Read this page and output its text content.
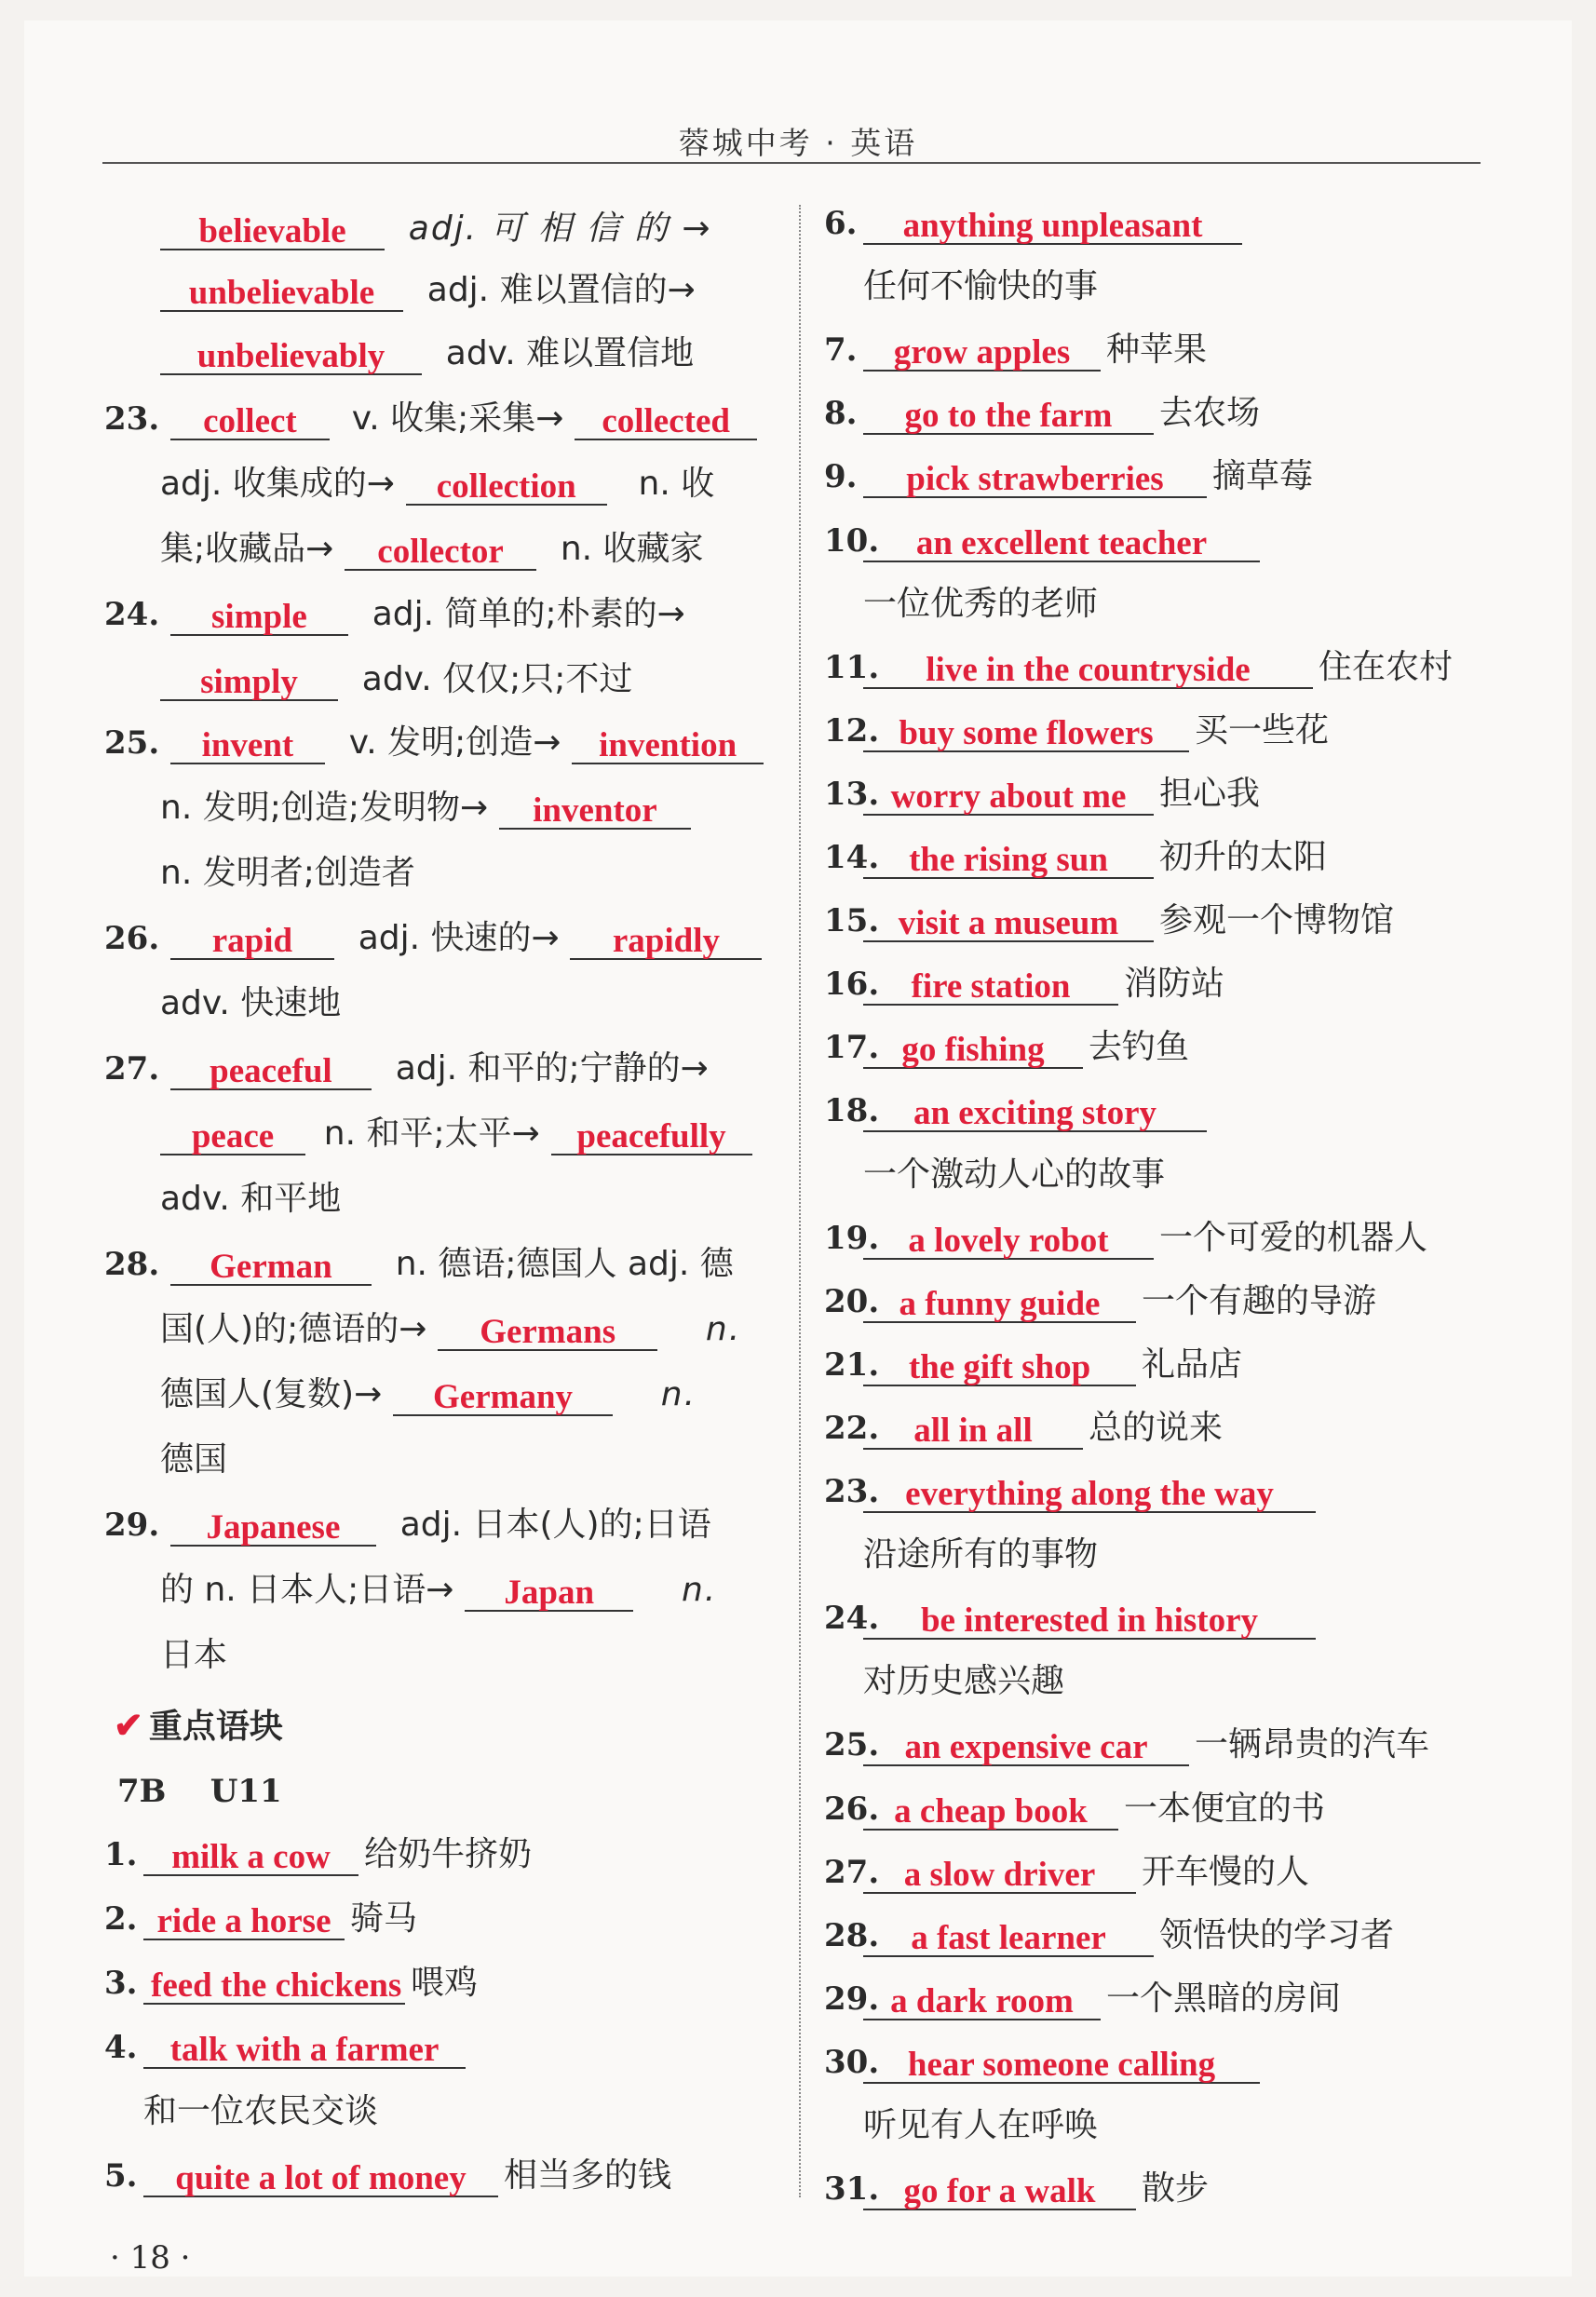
蓉城中考 · 英语
believable adj. 可 相 信 的 →
unbelievable adj. 难以置信的→
unbelievably adv. 难以置信地
23. collect v. 收集;采集→ collected
adj. 收集成的→ collection n. 收
集;收藏品→ collector n. 收藏家
24. simple adj. 简单的;朴素的→
simply adv. 仅仅;只;不过
25. invent v. 发明;创造→ invention
n. 发明;创造;发明物→ inventor
n. 发明者;创造者
26. rapid adj. 快速的→ rapidly
adv. 快速地
27. peaceful adj. 和平的;宁静的→
peace n. 和平;太平→ peacefully
adv. 和平地
28. German n. 德语;德国人 adj. 德
国(人)的;德语的→ Germans	n.
德国人(复数)→ Germany	n.
德国
29. Japanese adj. 日本(人)的;日语
的 n. 日本人;日语→ Japan	n.
日本
✔ 重点语块
7B    U11
1. milk a cow 给奶牛挤奶
2. ride a horse 骑马
3. feed the chickens 喂鸡
4. talk with a farmer
和一位农民交谈
5. quite a lot of money 相当多的钱
6. anything unpleasant
任何不愉快的事
7. grow apples 种苹果
8. go to the farm 去农场
9. pick strawberries 摘草莓
10. an excellent teacher
一位优秀的老师
11. live in the countryside 住在农村
12. buy some flowers 买一些花
13. worry about me 担心我
14. the rising sun 初升的太阳
15. visit a museum 参观一个博物馆
16. fire station 消防站
17. go fishing 去钓鱼
18. an exciting story
一个激动人心的故事
19. a lovely robot 一个可爱的机器人
20. a funny guide 一个有趣的导游
21. the gift shop 礼品店
22. all in all 总的说来
23. everything along the way
沿途所有的事物
24. be interested in history
对历史感兴趣
25. an expensive car 一辆昂贵的汽车
26. a cheap book 一本便宜的书
27. a slow driver 开车慢的人
28. a fast learner 领悟快的学习者
29. a dark room 一个黑暗的房间
30. hear someone calling
听见有人在呼唤
31. go for a walk 散步
· 18 ·
